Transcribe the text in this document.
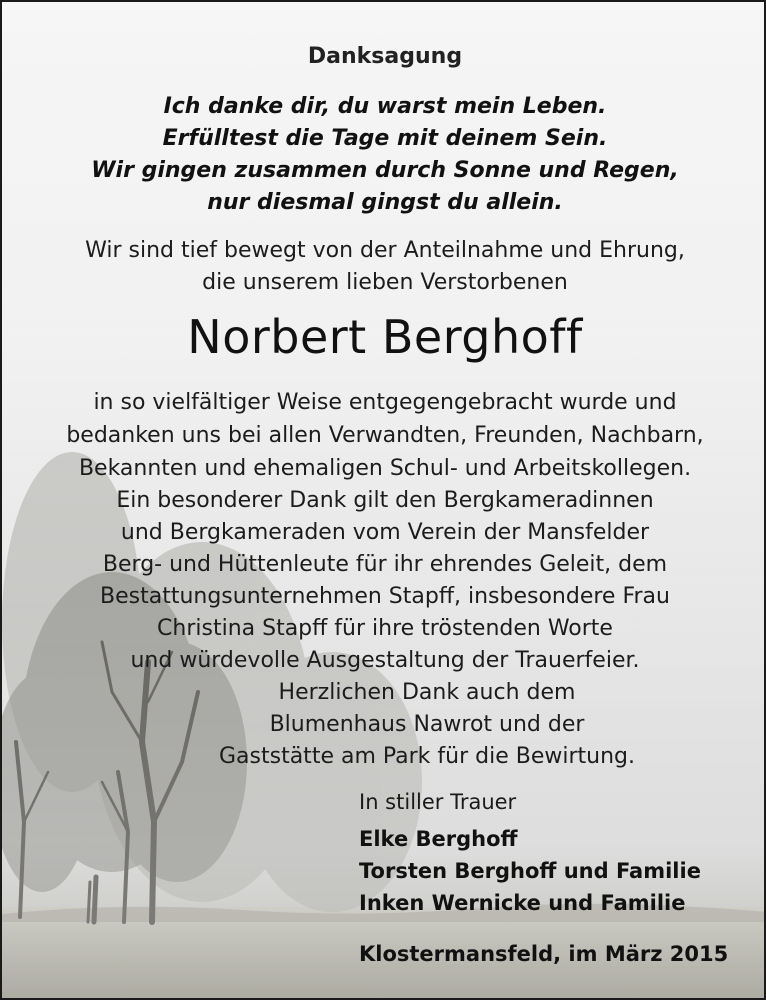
Danksagung
Ich danke dir, du warst mein Leben.
Erfülltest die Tage mit deinem Sein.
Wir gingen zusammen durch Sonne und Regen,
nur diesmal gingst du allein.
Wir sind tief bewegt von der Anteilnahme und Ehrung,
die unserem lieben Verstorbenen
Norbert Berghoff
in so vielfältiger Weise entgegengebracht wurde und
bedanken uns bei allen Verwandten, Freunden, Nachbarn,
Bekannten und ehemaligen Schul- und Arbeitskollegen.
Ein besonderer Dank gilt den Bergkameradinnen
und Bergkameraden vom Verein der Mansfelder
Berg- und Hüttenleute für ihr ehrendes Geleit, dem
Bestattungsunternehmen Stapff, insbesondere Frau
Christina Stapff für ihre tröstenden Worte
und würdevolle Ausgestaltung der Trauerfeier.
Herzlichen Dank auch dem
Blumenhaus Nawrot und der
Gaststätte am Park für die Bewirtung.
In stiller Trauer
Elke Berghoff
Torsten Berghoff und Familie
Inken Wernicke und Familie
Klostermansfeld, im März 2015
